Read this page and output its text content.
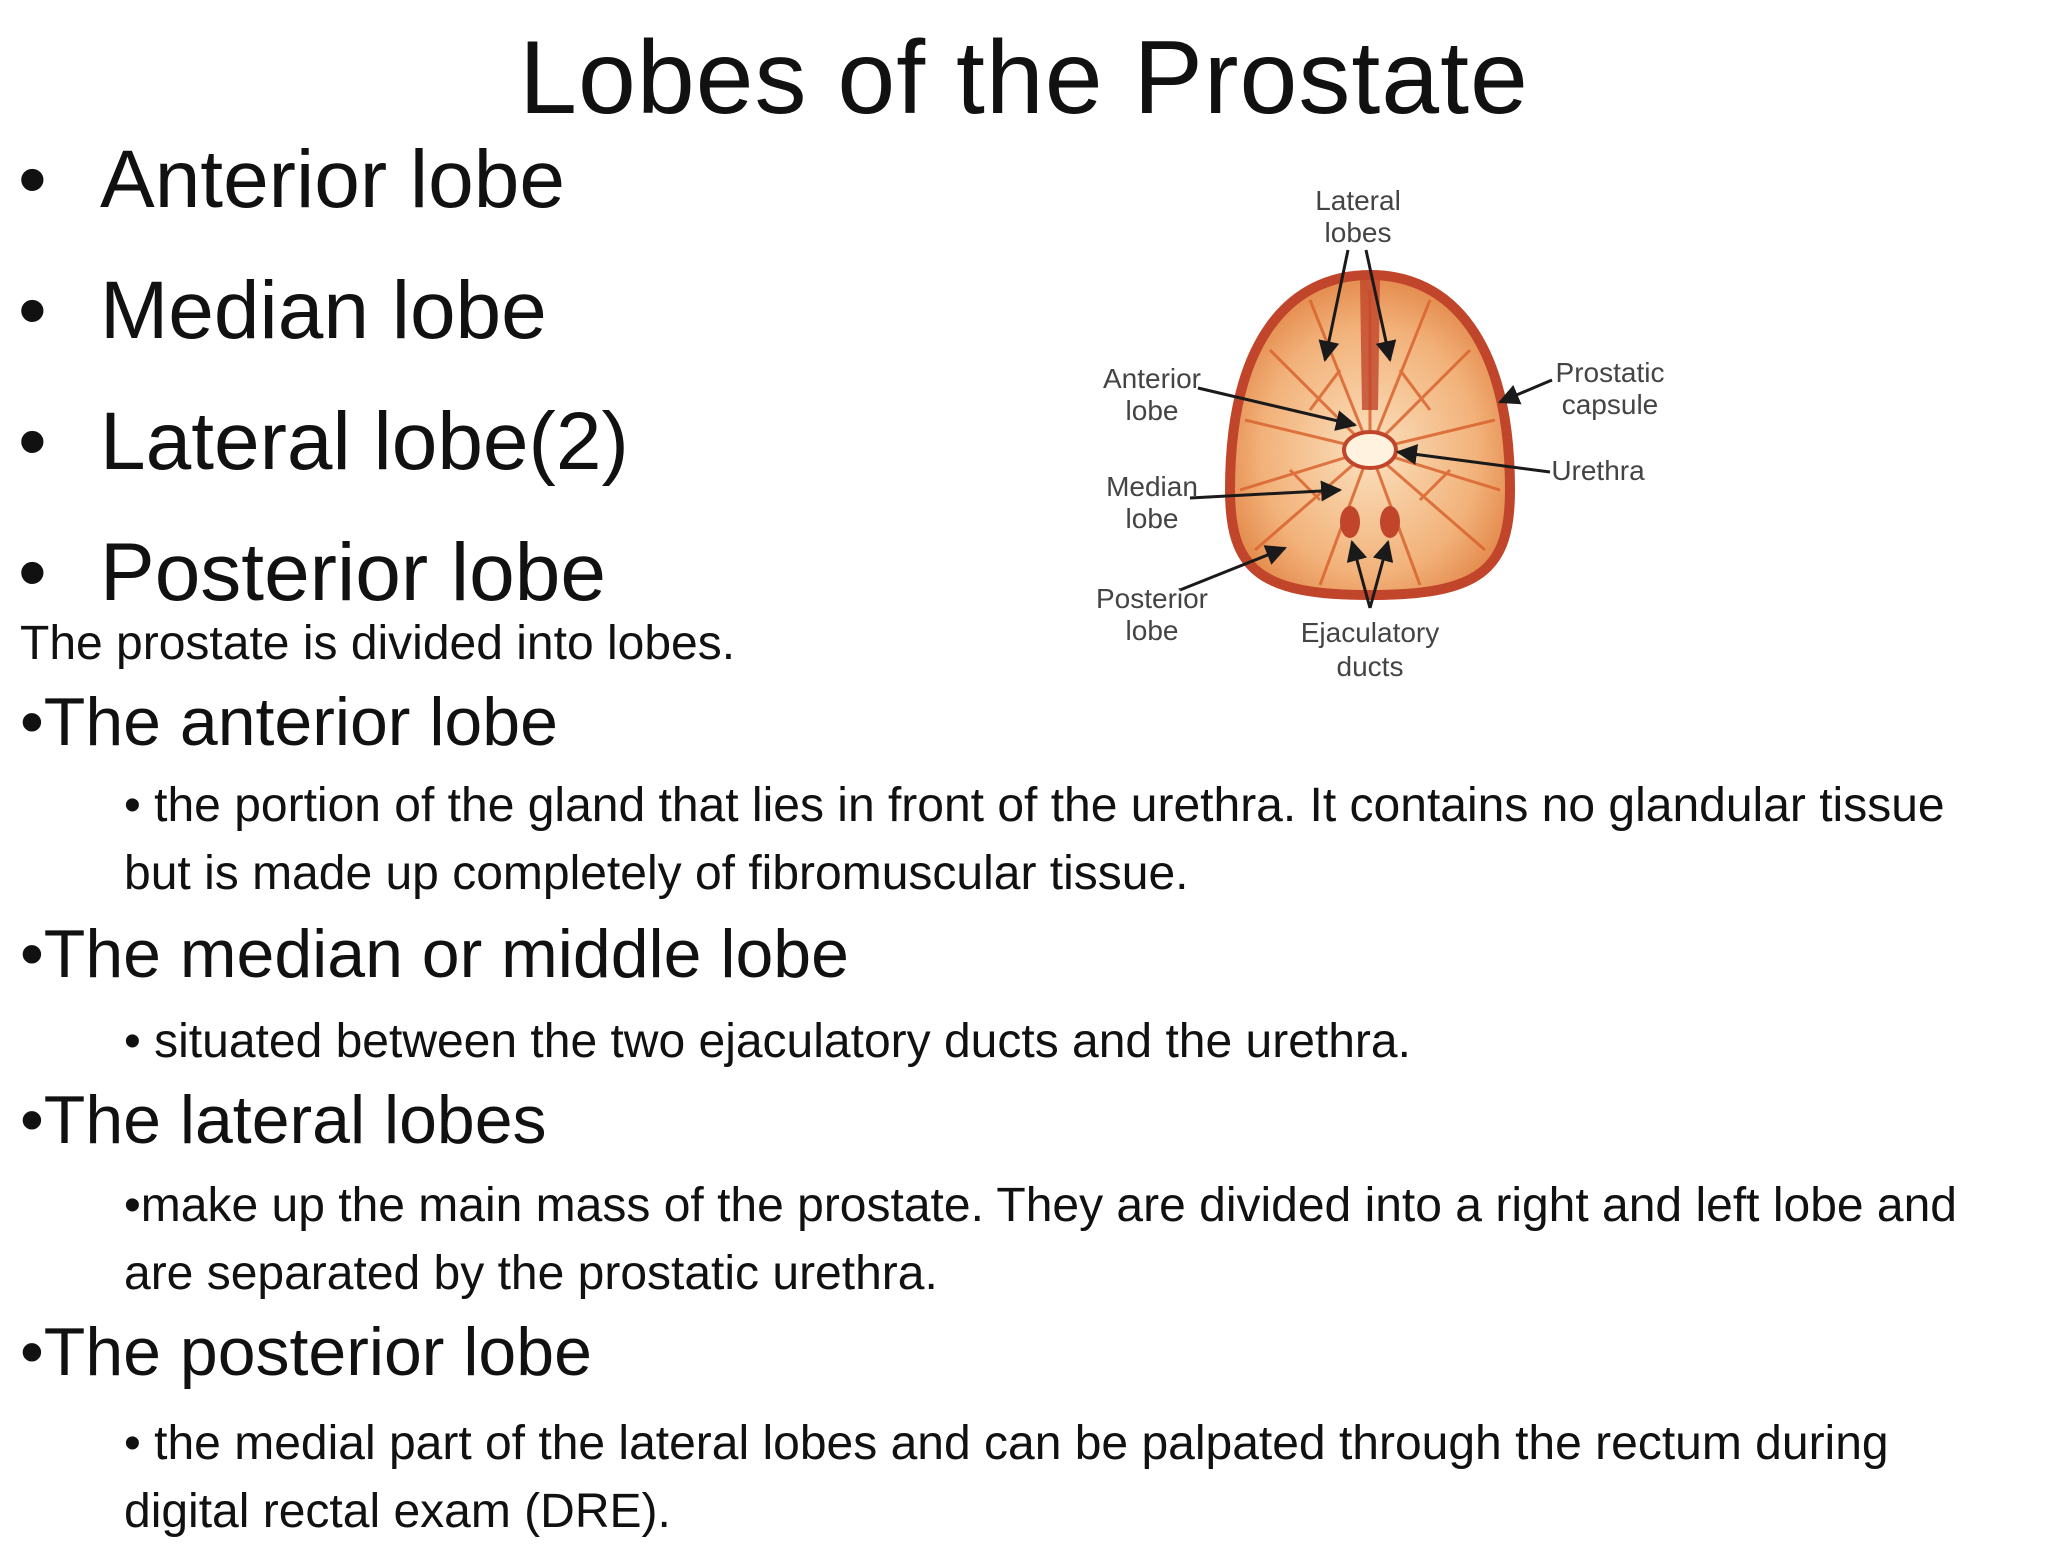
Lobes of the Prostate
• Anterior lobe
• Median lobe
• Lateral lobe(2)
• Posterior lobe
The prostate is divided into lobes.
•The anterior lobe
• the portion of the gland that lies in front of the urethra. It contains no glandular tissue but is made up completely of fibromuscular tissue.
•The median or middle lobe
• situated between the two ejaculatory ducts and the urethra.
•The lateral lobes
•make up the main mass of the prostate. They are divided into a right and left lobe and are separated by the prostatic urethra.
•The posterior lobe
• the medial part of the lateral lobes and can be palpated through the rectum during digital rectal exam (DRE).
Lateral
lobes
Anterior
lobe
Median
lobe
Posterior
lobe
Prostatic
capsule
Urethra
Ejaculatory
ducts
